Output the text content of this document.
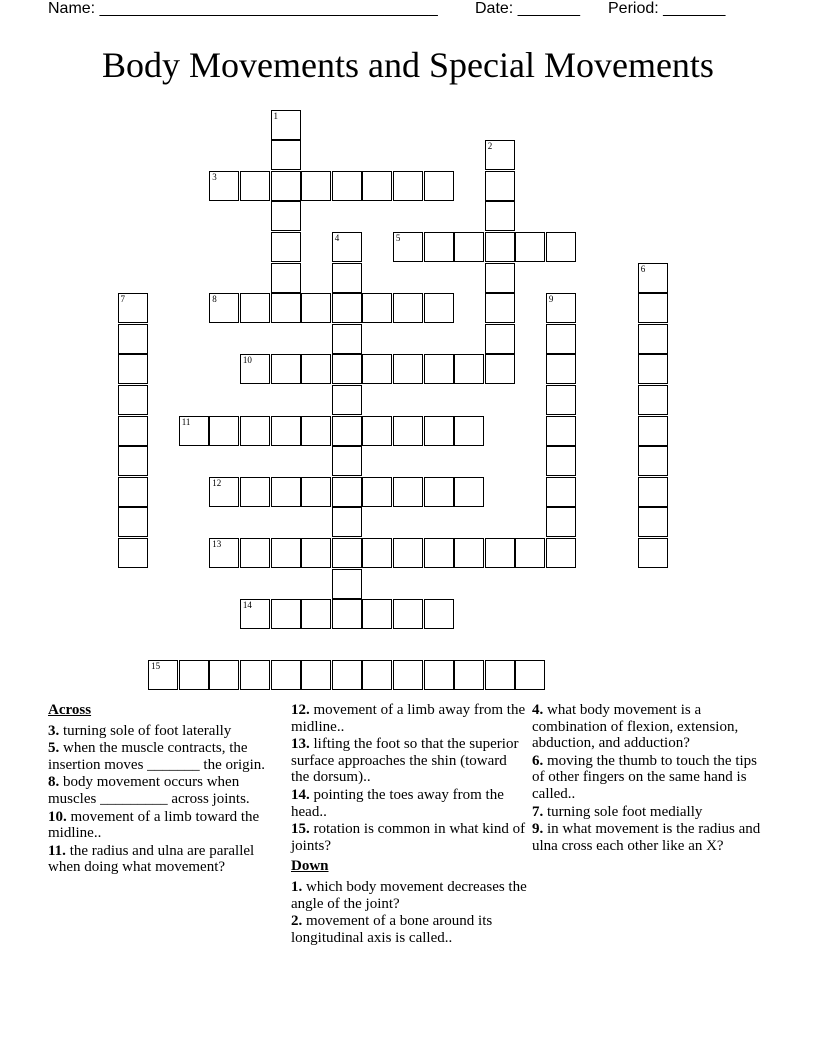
Name: ______________________________________ Date: _______ Period: _______
Body Movements and Special Movements
1
2
3
4	5
6
7	8	9
10
11
12
13
14
15
Across
3. turning sole of foot laterally
5. when the muscle contracts, the insertion moves _______ the origin.
8. body movement occurs when muscles _________ across joints.
10. movement of a limb toward the midline..
11. the radius and ulna are parallel when doing what movement?
12. movement of a limb away from the midline..
13. lifting the foot so that the superior surface approaches the shin (toward the dorsum)..
14. pointing the toes away from the head..
15. rotation is common in what kind of joints?
Down
1. which body movement decreases the angle of the joint?
2. movement of a bone around its longitudinal axis is called..
4. what body movement is a combination of flexion, extension, abduction, and adduction?
6. moving the thumb to touch the tips of other fingers on the same hand is called..
7. turning sole foot medially
9. in what movement is the radius and ulna cross each other like an X?
